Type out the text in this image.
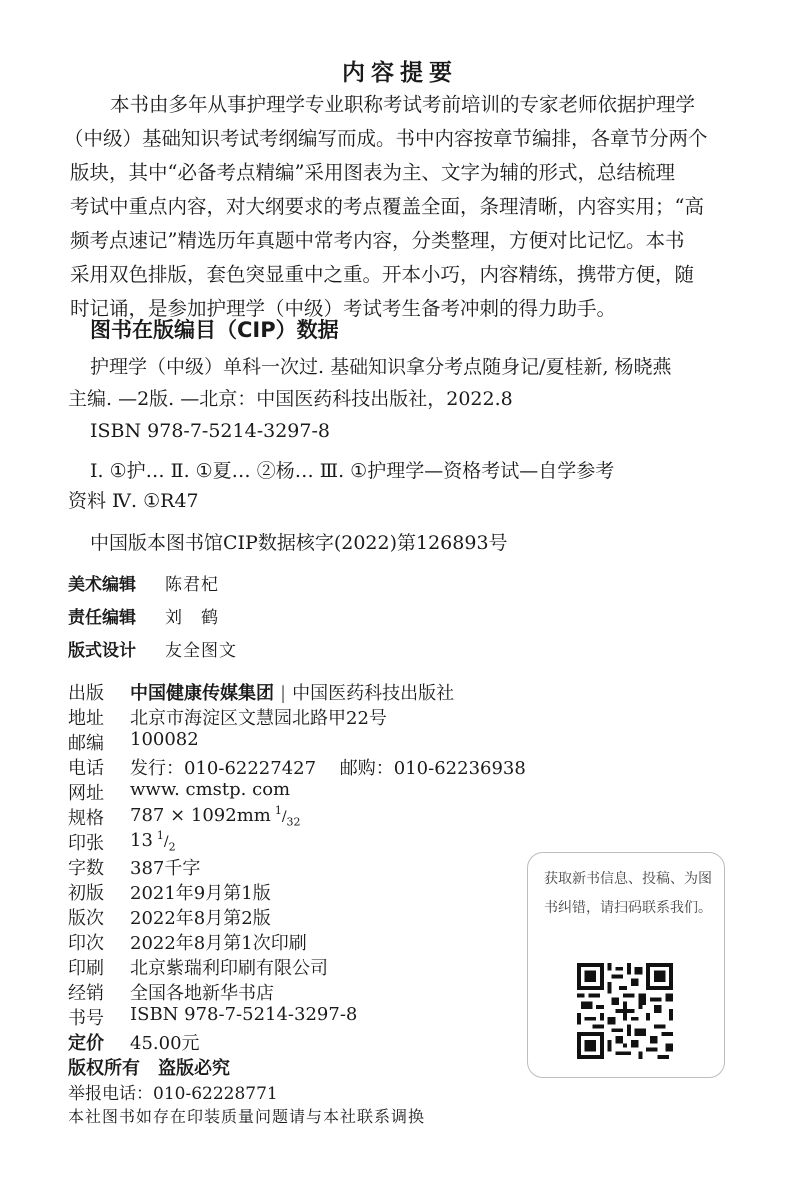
内容提要
本书由多年从事护理学专业职称考试考前培训的专家老师依据护理学
（中级）基础知识考试考纲编写而成。书中内容按章节编排，各章节分两个
版块，其中“必备考点精编”采用图表为主、文字为辅的形式，总结梳理
考试中重点内容，对大纲要求的考点覆盖全面，条理清晰，内容实用；“高
频考点速记”精选历年真题中常考内容，分类整理，方便对比记忆。本书
采用双色排版，套色突显重中之重。开本小巧，内容精练，携带方便，随
时记诵，是参加护理学（中级）考试考生备考冲刺的得力助手。
图书在版编目（CIP）数据
护理学（中级）单科一次过. 基础知识拿分考点随身记/夏桂新, 杨晓燕
主编. —2版. —北京：中国医药科技出版社，2022.8
ISBN 978-7-5214-3297-8
Ⅰ. ①护… Ⅱ. ①夏… ②杨… Ⅲ. ①护理学—资格考试—自学参考
资料 Ⅳ. ①R47
中国版本图书馆CIP数据核字(2022)第126893号
美术编辑 陈君杞
责任编辑 刘　鹤
版式设计 友全图文
出版 中国健康传媒集团 | 中国医药科技出版社
地址 北京市海淀区文慧园北路甲22号
邮编 100082
电话 发行：010-62227427　 邮购：010-62236938
网址 www. cmstp. com
规格 787 × 1092mm $^1/_{32}$
印张 13 $^1/_2$
字数 387千字
初版 2021年9月第1版
版次 2022年8月第2版
印次 2022年8月第1次印刷
印刷 北京紫瑞利印刷有限公司
经销 全国各地新华书店
书号 ISBN 978-7-5214-3297-8
定价 45.00元
版权所有　盗版必究
举报电话：010-62228771
本社图书如存在印装质量问题请与本社联系调换
获取新书信息、投稿、为图书纠错，请扫码联系我们。
